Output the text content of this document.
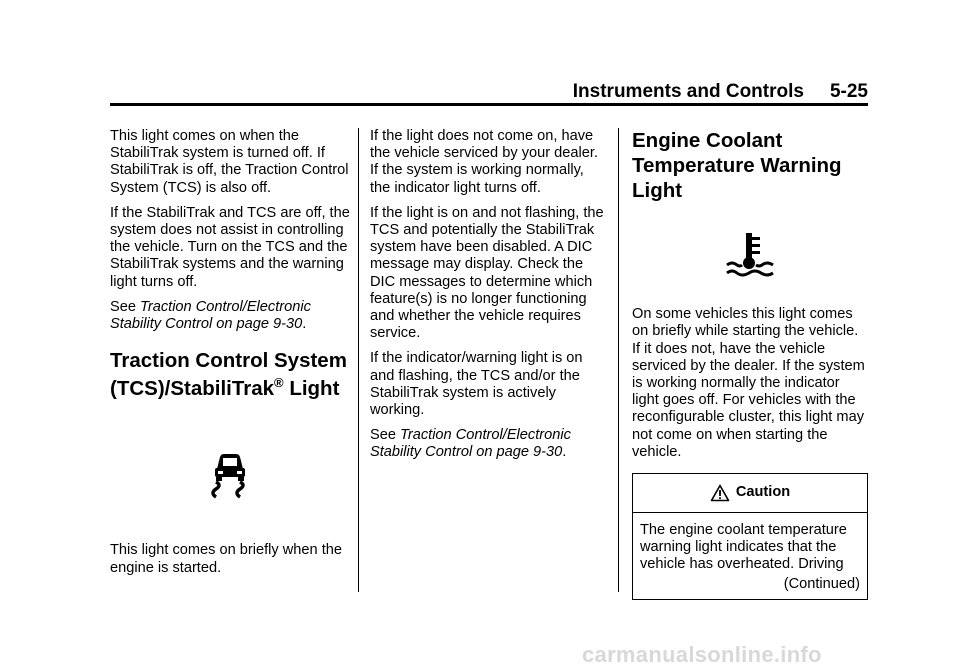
Instruments and Controls 5-25

This light comes on when the StabiliTrak system is turned off. If StabiliTrak is off, the Traction Control System (TCS) is also off.

If the StabiliTrak and TCS are off, the system does not assist in controlling the vehicle. Turn on the TCS and the StabiliTrak systems and the warning light turns off.

See Traction Control/Electronic Stability Control on page 9-30.

Traction Control System
(TCS)/StabiliTrak® Light

This light comes on briefly when the engine is started.

If the light does not come on, have the vehicle serviced by your dealer. If the system is working normally, the indicator light turns off.

If the light is on and not flashing, the TCS and potentially the StabiliTrak system have been disabled. A DIC message may display. Check the DIC messages to determine which feature(s) is no longer functioning and whether the vehicle requires service.

If the indicator/warning light is on and flashing, the TCS and/or the StabiliTrak system is actively working.

See Traction Control/Electronic Stability Control on page 9-30.

Engine Coolant
Temperature Warning
Light

On some vehicles this light comes on briefly while starting the vehicle. If it does not, have the vehicle serviced by the dealer. If the system is working normally the indicator light goes off. For vehicles with the reconfigurable cluster, this light may not come on when starting the vehicle.

Caution

The engine coolant temperature warning light indicates that the vehicle has overheated. Driving

(Continued)
carmanualsonline.info
